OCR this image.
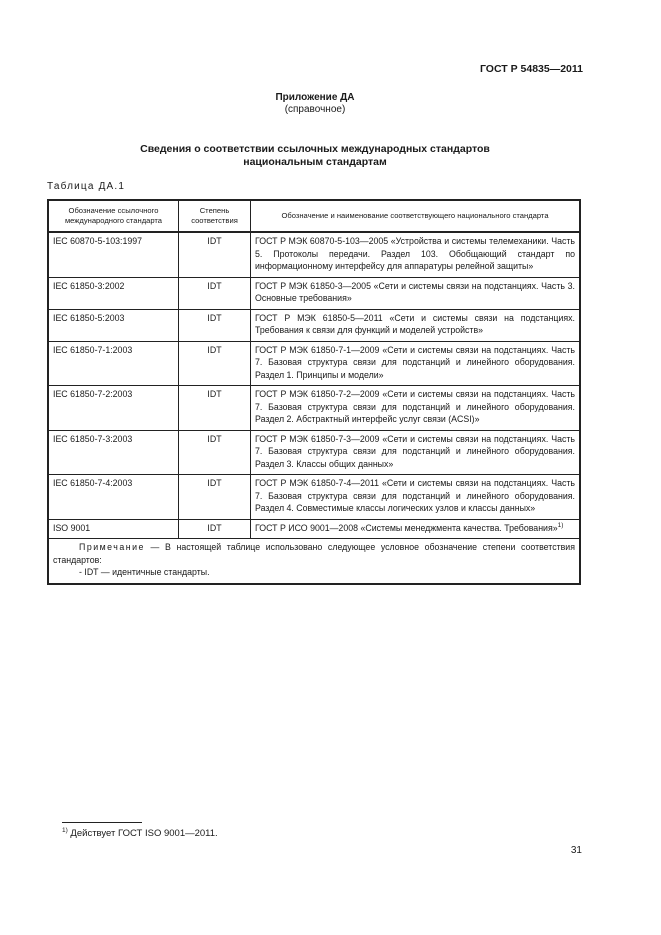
ГОСТ Р 54835—2011
Приложение ДА
(справочное)
Сведения о соответствии ссылочных международных стандартов
национальным стандартам
Таблица ДА.1
Обозначение ссылочного международного стандарта	Степень соответствия	Обозначение и наименование соответствующего национального стандарта
IEC 60870-5-103:1997	IDT	ГОСТ Р МЭК 60870-5-103—2005 «Устройства и системы телемеханики. Часть 5. Протоколы передачи. Раздел 103. Обобщающий стандарт по информационному интерфейсу для аппаратуры релейной защиты»
IEC 61850-3:2002	IDT	ГОСТ Р МЭК 61850-3—2005 «Сети и системы связи на подстанциях. Часть 3. Основные требования»
IEC 61850-5:2003	IDT	ГОСТ Р МЭК 61850-5—2011 «Сети и системы связи на подстанциях. Требования к связи для функций и моделей устройств»
IEC 61850-7-1:2003	IDT	ГОСТ Р МЭК 61850-7-1—2009 «Сети и системы связи на подстанциях. Часть 7. Базовая структура связи для подстанций и линейного оборудования. Раздел 1. Принципы и модели»
IEC 61850-7-2:2003	IDT	ГОСТ Р МЭК 61850-7-2—2009 «Сети и системы связи на подстанциях. Часть 7. Базовая структура связи для подстанций и линейного оборудования. Раздел 2. Абстрактный интерфейс услуг связи (ACSI)»
IEC 61850-7-3:2003	IDT	ГОСТ Р МЭК 61850-7-3—2009 «Сети и системы связи на подстанциях. Часть 7. Базовая структура связи для подстанций и линейного оборудования. Раздел 3. Классы общих данных»
IEC 61850-7-4:2003	IDT	ГОСТ Р МЭК 61850-7-4—2011 «Сети и системы связи на подстанциях. Часть 7. Базовая структура связи для подстанций и линейного оборудования. Раздел 4. Совместимые классы логических узлов и классы данных»
ISO 9001	IDT	ГОСТ Р ИСО 9001—2008 «Системы менеджмента качества. Требования»$^{1)}$

Примечание — В настоящей таблице использовано следующее условное обозначение степени соответствия стандартов:
- IDT — идентичные стандарты.		
$^{1)}$ Действует ГОСТ ISO 9001—2011.
31
